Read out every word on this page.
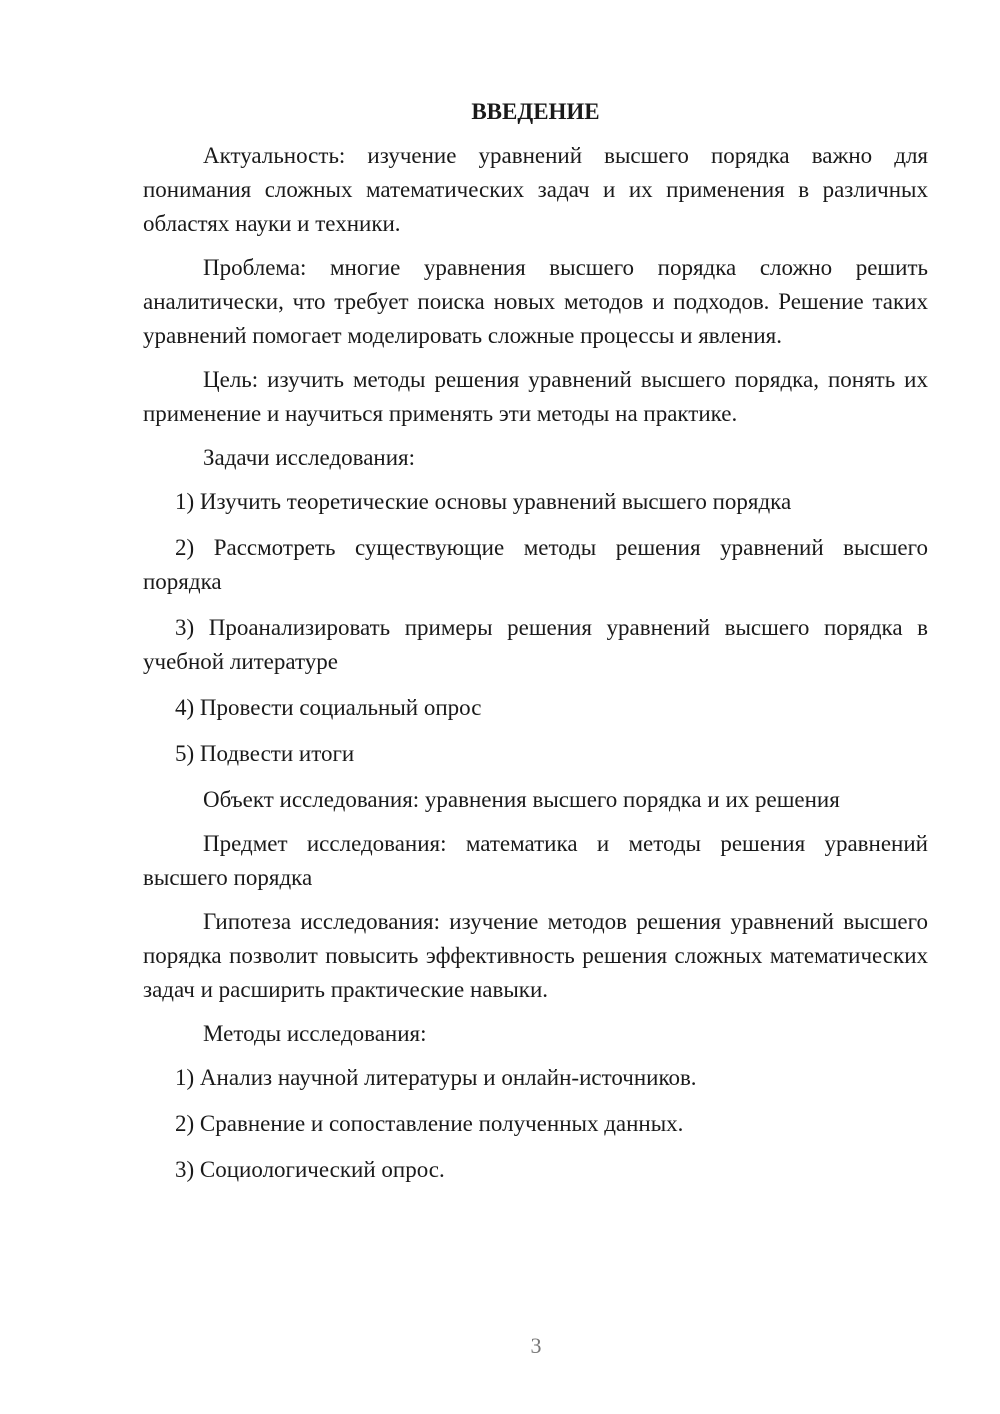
ВВЕДЕНИЕ

Актуальность: изучение уравнений высшего порядка важно для понимания сложных математических задач и их применения в различных областях науки и техники.

Проблема: многие уравнения высшего порядка сложно решить аналитически, что требует поиска новых методов и подходов. Решение таких уравнений помогает моделировать сложные процессы и явления.

Цель: изучить методы решения уравнений высшего порядка, понять их применение и научиться применять эти методы на практике.

Задачи исследования:

1) Изучить теоретические основы уравнений высшего порядка

2) Рассмотреть существующие методы решения уравнений высшего порядка

3) Проанализировать примеры решения уравнений высшего порядка в учебной литературе

4) Провести социальный опрос

5) Подвести итоги

Объект исследования: уравнения высшего порядка и их решения

Предмет исследования: математика и методы решения уравнений высшего порядка

Гипотеза исследования: изучение методов решения уравнений высшего порядка позволит повысить эффективность решения сложных математических задач и расширить практические навыки.

Методы исследования:

1) Анализ научной литературы и онлайн-источников.

2) Сравнение и сопоставление полученных данных.

3) Социологический опрос.

3
